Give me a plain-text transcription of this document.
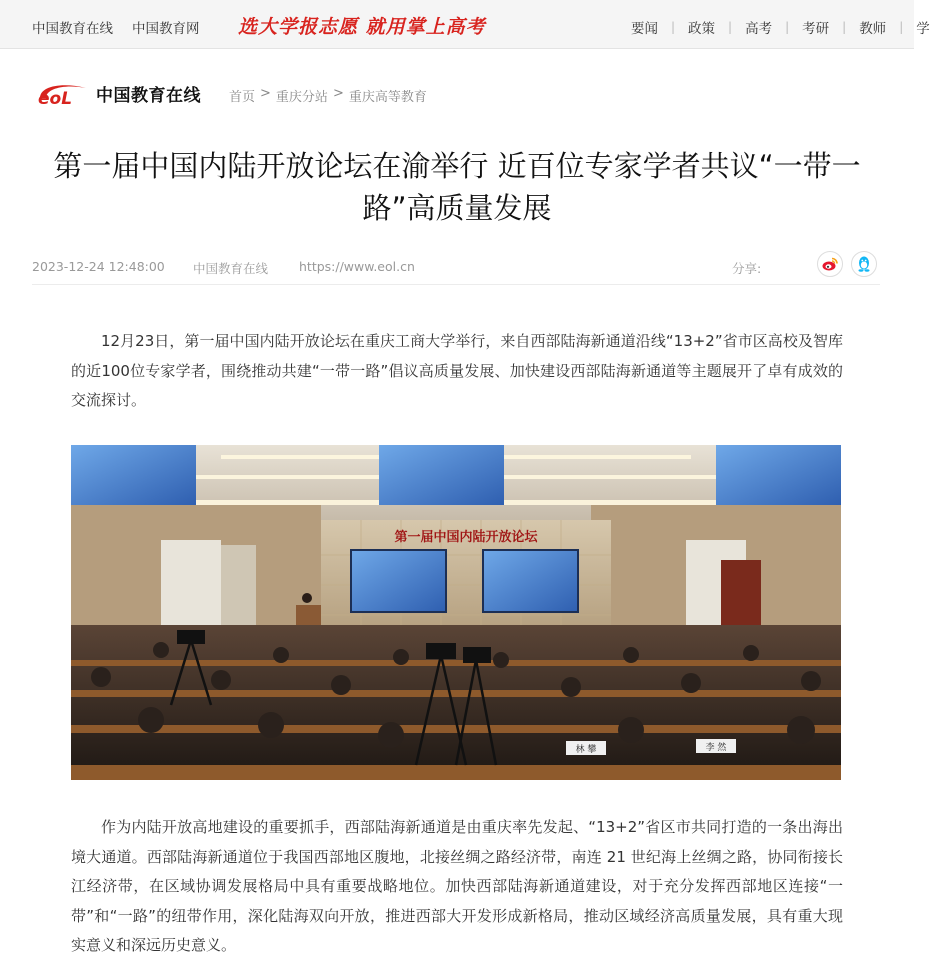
中国教育在线 中国教育网 选大学报志愿 就用掌上高考	要闻	| 政策	| 高考	| 考研	| 教师	| 学
eoL 中国教育在线 首页 > 重庆分站 > 重庆高等教育
第一届中国内陆开放论坛在渝举行 近百位专家学者共议“一带一路”高质量发展
2023-12-24 12:48:00 中国教育在线 https://www.eol.cn	分享:

12月23日，第一届中国内陆开放论坛在重庆工商大学举行，来自西部陆海新通道沿线“13+2”省市区高校及智库的近100位专家学者，围绕推动共建“一带一路”倡议高质量发展、加快建设西部陆海新通道等主题展开了卓有成效的交流探讨。

第一届中国内陆开放论坛
林 攀	李 然

作为内陆开放高地建设的重要抓手，西部陆海新通道是由重庆率先发起、“13+2”省区市共同打造的一条出海出境大通道。西部陆海新通道位于我国西部地区腹地，北接丝绸之路经济带，南连 21 世纪海上丝绸之路，协同衔接长江经济带，在区域协调发展格局中具有重要战略地位。加快西部陆海新通道建设，对于充分发挥西部地区连接“一带”和“一路”的纽带作用，深化陆海双向开放，推进西部大开发形成新格局，推动区域经济高质量发展，具有重大现实意义和深远历史意义。
